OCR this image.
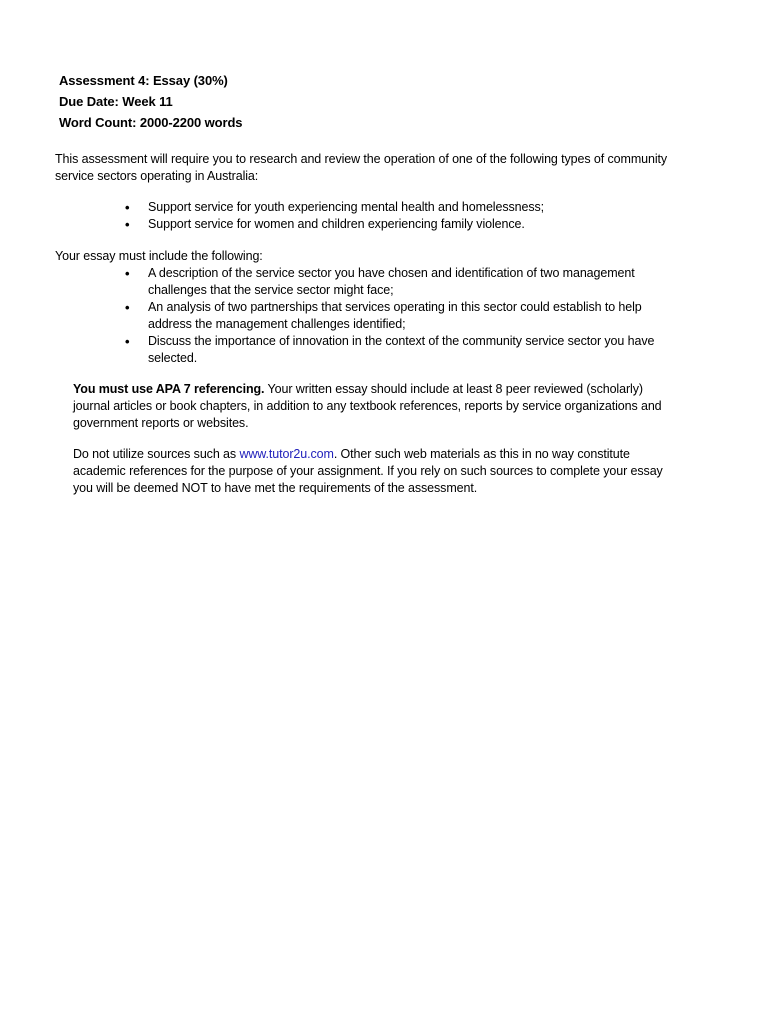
Assessment 4: Essay (30%)
Due Date: Week 11
Word Count: 2000-2200 words

This assessment will require you to research and review the operation of one of the following types of community service sectors operating in Australia:

• Support service for youth experiencing mental health and homelessness;
• Support service for women and children experiencing family violence.

Your essay must include the following:

• A description of the service sector you have chosen and identification of two management challenges that the service sector might face;
• An analysis of two partnerships that services operating in this sector could establish to help address the management challenges identified;
• Discuss the importance of innovation in the context of the community service sector you have selected.

You must use APA 7 referencing. Your written essay should include at least 8 peer reviewed (scholarly) journal articles or book chapters, in addition to any textbook references, reports by service organizations and government reports or websites.

Do not utilize sources such as www.tutor2u.com. Other such web materials as this in no way constitute academic references for the purpose of your assignment. If you rely on such sources to complete your essay you will be deemed NOT to have met the requirements of the assessment.
